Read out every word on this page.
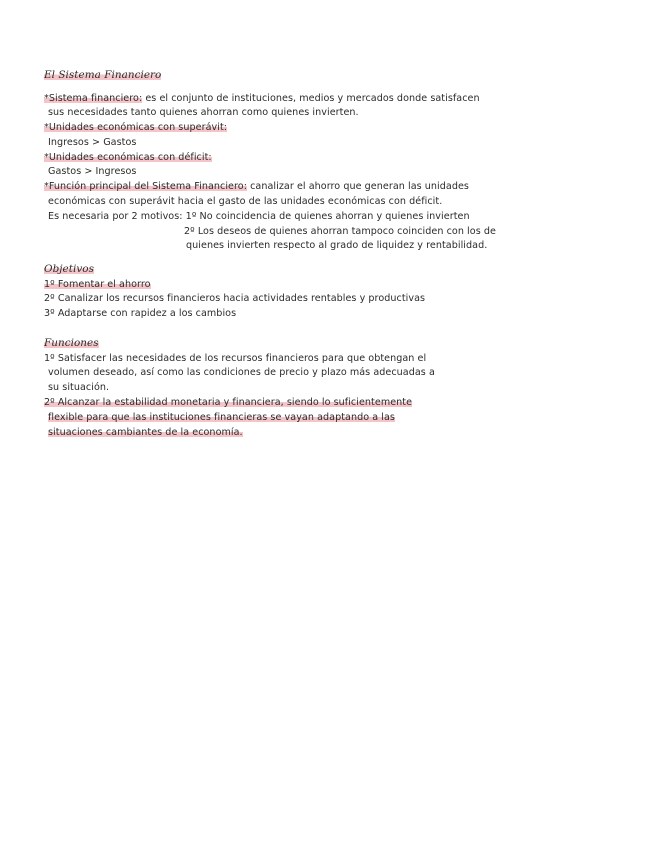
El Sistema Financiero
*Sistema financiero: es el conjunto de instituciones, medios y mercados donde satisfacen
sus necesidades tanto quienes ahorran como quienes invierten.
*Unidades económicas con superávit:
Ingresos > Gastos
*Unidades económicas con déficit:
Gastos > Ingresos
*Función principal del Sistema Financiero: canalizar el ahorro que generan las unidades
económicas con superávit hacia el gasto de las unidades económicas con déficit.
Es necesaria por 2 motivos: 1º No coincidencia de quienes ahorran y quienes invierten
2º Los deseos de quienes ahorran tampoco coinciden con los de
quienes invierten respecto al grado de liquidez y rentabilidad.
Objetivos
1º Fomentar el ahorro
2º Canalizar los recursos financieros hacia actividades rentables y productivas
3º Adaptarse con rapidez a los cambios
Funciones
1º Satisfacer las necesidades de los recursos financieros para que obtengan el
volumen deseado, así como las condiciones de precio y plazo más adecuadas a
su situación.
2º Alcanzar la estabilidad monetaria y financiera, siendo lo suficientemente
flexible para que las instituciones financieras se vayan adaptando a las
situaciones cambiantes de la economía.
